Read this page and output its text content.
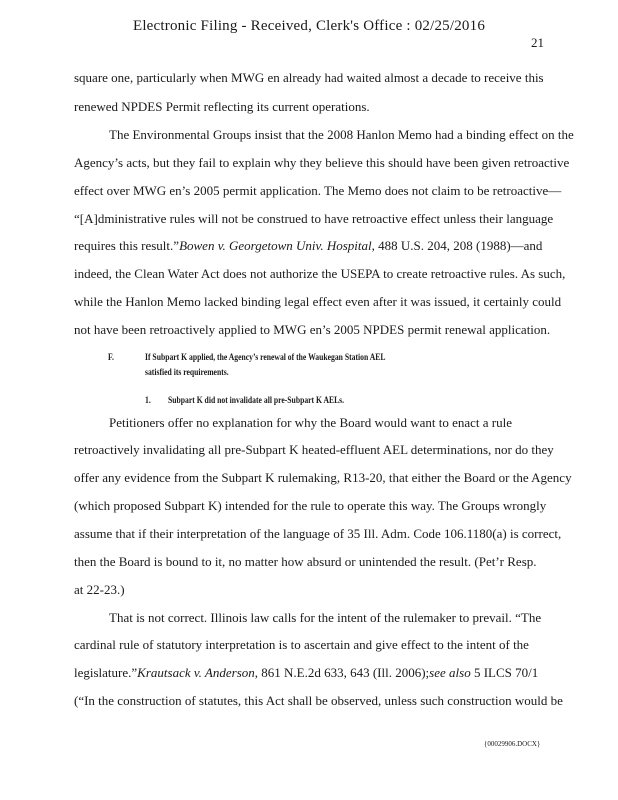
Electronic Filing - Received, Clerk's Office : 02/25/2016
21
square one, particularly when MWG en already had waited almost a decade to receive this
renewed NPDES Permit reflecting its current operations.
The Environmental Groups insist that the 2008 Hanlon Memo had a binding effect on the
Agency’s acts, but they fail to explain why they believe this should have been given retroactive
effect over MWG en’s 2005 permit application. The Memo does not claim to be retroactive—
“[A]dministrative rules will not be construed to have retroactive effect unless their language
requires this result.”Bowen v. Georgetown Univ. Hospital, 488 U.S. 204, 208 (1988)—and
indeed, the Clean Water Act does not authorize the USEPA to create retroactive rules. As such,
while the Hanlon Memo lacked binding legal effect even after it was issued, it certainly could
not have been retroactively applied to MWG en’s 2005 NPDES permit renewal application.
F.	If Subpart K applied, the Agency’s renewal of the Waukegan Station AEL
satisfied its requirements.
1. Subpart K did not invalidate all pre-Subpart K AELs.
Petitioners offer no explanation for why the Board would want to enact a rule
retroactively invalidating all pre-Subpart K heated-effluent AEL determinations, nor do they
offer any evidence from the Subpart K rulemaking, R13-20, that either the Board or the Agency
(which proposed Subpart K) intended for the rule to operate this way. The Groups wrongly
assume that if their interpretation of the language of 35 Ill. Adm. Code 106.1180(a) is correct,
then the Board is bound to it, no matter how absurd or unintended the result. (Pet’r Resp.
at 22-23.)
That is not correct. Illinois law calls for the intent of the rulemaker to prevail. “The
cardinal rule of statutory interpretation is to ascertain and give effect to the intent of the
legislature.”Krautsack v. Anderson, 861 N.E.2d 633, 643 (Ill. 2006);see also 5 ILCS 70/1
(“In the construction of statutes, this Act shall be observed, unless such construction would be
{00029906.DOCX}
